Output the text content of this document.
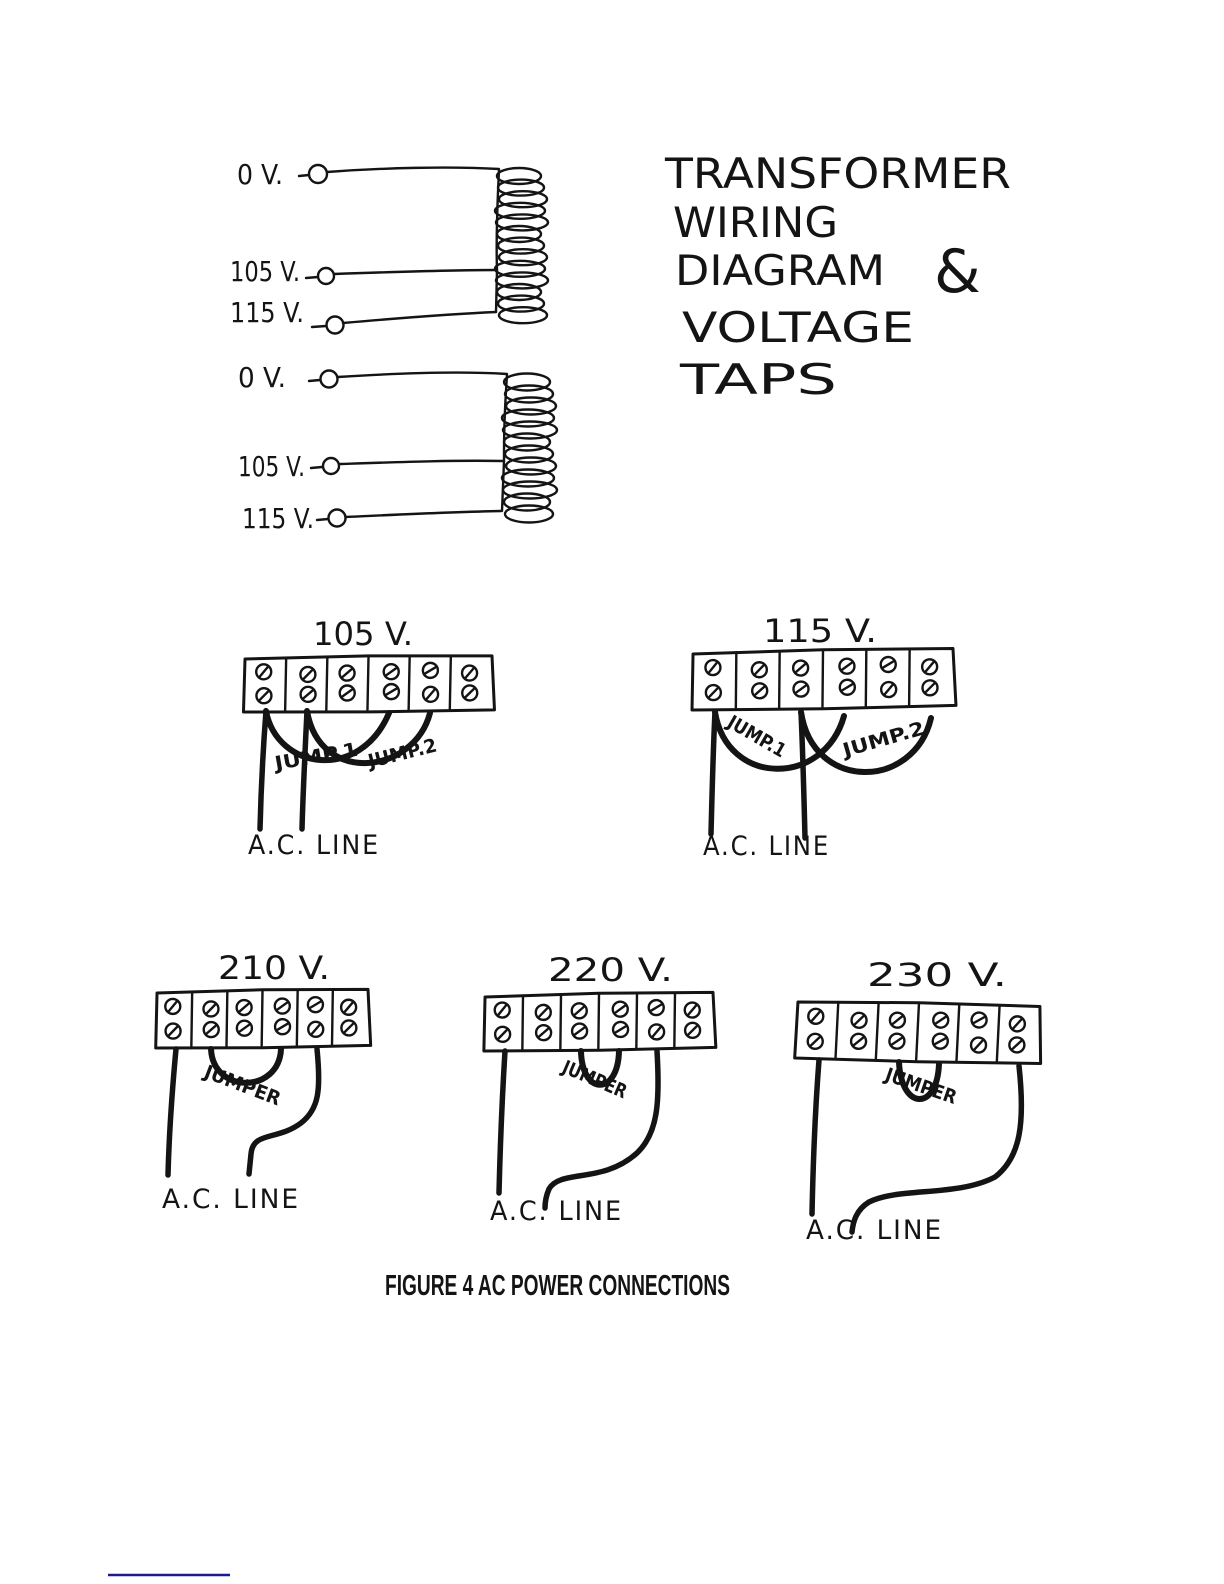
TRANSFORMER
WIRING
DIAGRAM &
VOLTAGE
TAPS
0 V.
105 V.
115 V.
0 V.
105 V.
115 V.
105 V.
JUMP.1 JUMP.2
A.C. LINE
115 V.
JUMP.1 JUMP.2
A.C. LINE
210 V.
JUMPER
A.C. LINE
220 V.
JUMPER
A.C. LINE
230 V.
JUMPER
A.C. LINE
FIGURE 4 AC POWER CONNECTIONS
